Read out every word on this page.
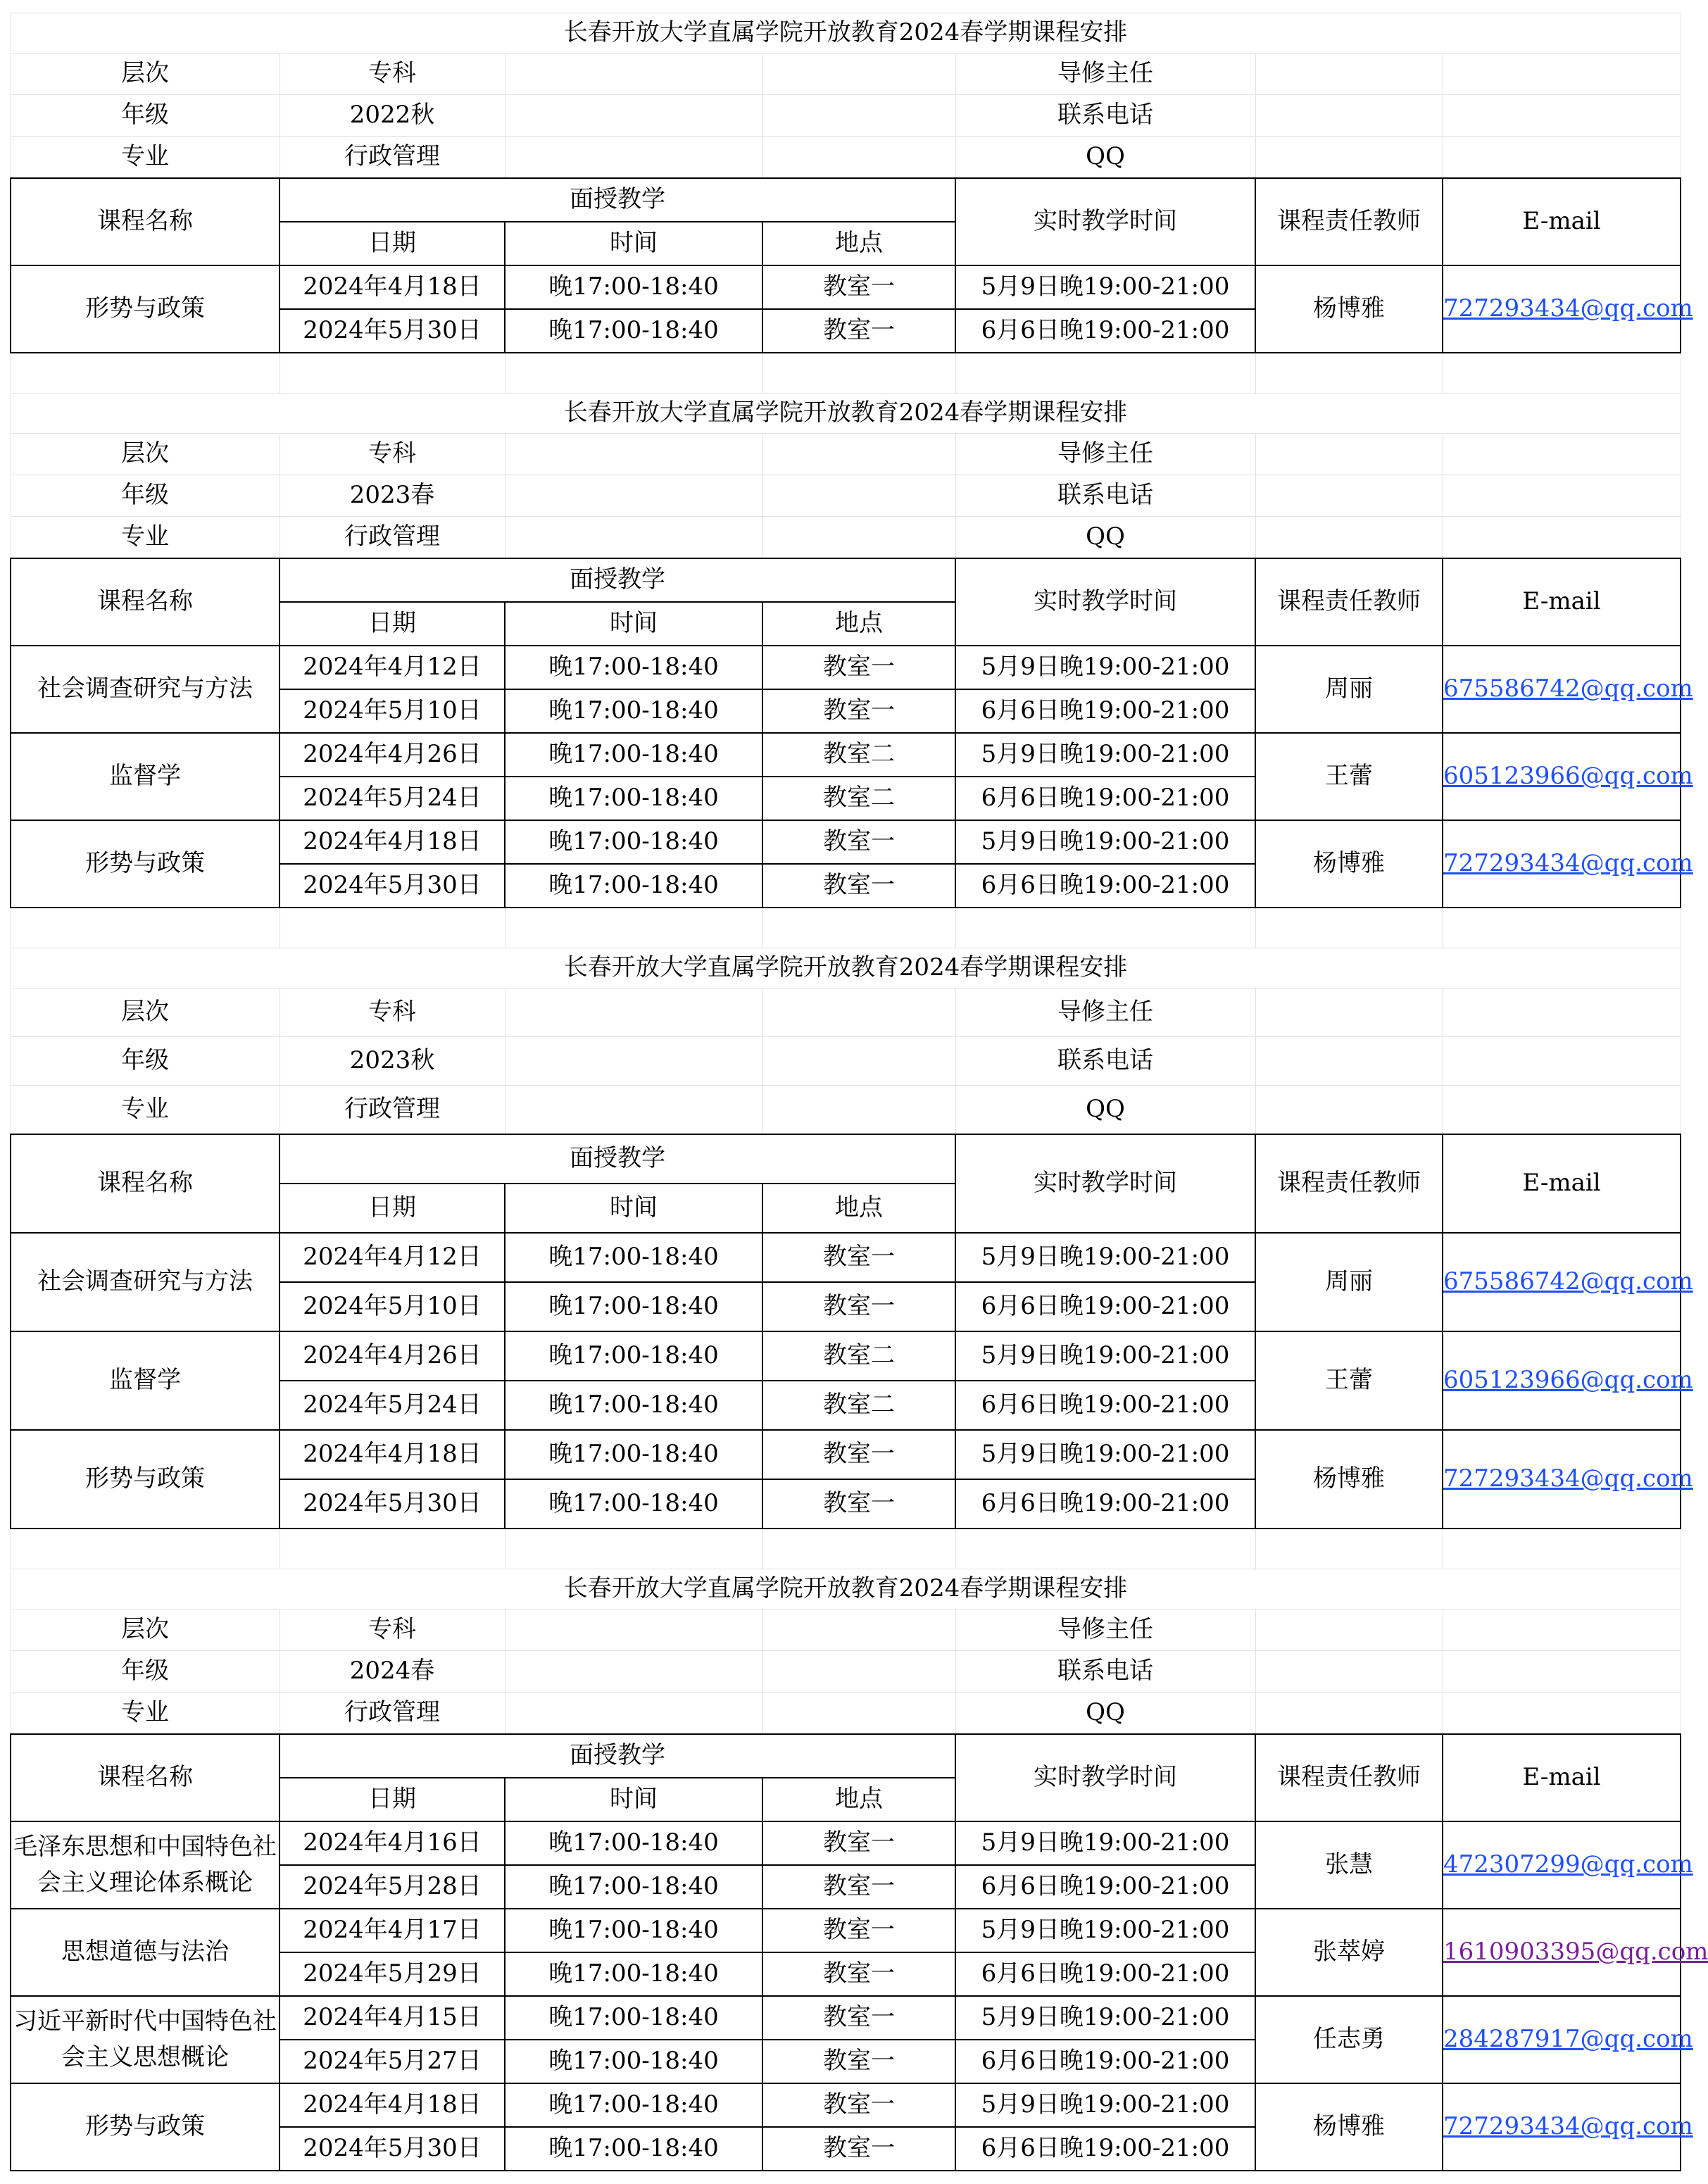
长春开放大学直属学院开放教育2024春学期课程安排						
层次	专科			导修主任		
年级	2022秋			联系电话		
专业	行政管理			QQ		
课程名称	面授教学			实时教学时间	课程责任教师	E-mail
	日期	时间	地点			
形势与政策	2024年4月18日	晚17:00-18:40	教室一	5月9日晚19:00-21:00	杨博雅	727293434@qq.com
	2024年5月30日	晚17:00-18:40	教室一	6月6日晚19:00-21:00		

长春开放大学直属学院开放教育2024春学期课程安排						
层次	专科			导修主任		
年级	2023春			联系电话		
专业	行政管理			QQ		
课程名称	面授教学			实时教学时间	课程责任教师	E-mail
	日期	时间	地点			
社会调查研究与方法	2024年4月12日	晚17:00-18:40	教室一	5月9日晚19:00-21:00	周丽	675586742@qq.com
	2024年5月10日	晚17:00-18:40	教室一	6月6日晚19:00-21:00		
监督学	2024年4月26日	晚17:00-18:40	教室二	5月9日晚19:00-21:00	王蕾	605123966@qq.com
	2024年5月24日	晚17:00-18:40	教室二	6月6日晚19:00-21:00		
形势与政策	2024年4月18日	晚17:00-18:40	教室一	5月9日晚19:00-21:00	杨博雅	727293434@qq.com
	2024年5月30日	晚17:00-18:40	教室一	6月6日晚19:00-21:00		

长春开放大学直属学院开放教育2024春学期课程安排						
层次	专科			导修主任		
年级	2023秋			联系电话		
专业	行政管理			QQ		
课程名称	面授教学			实时教学时间	课程责任教师	E-mail
	日期	时间	地点			
社会调查研究与方法	2024年4月12日	晚17:00-18:40	教室一	5月9日晚19:00-21:00	周丽	675586742@qq.com
	2024年5月10日	晚17:00-18:40	教室一	6月6日晚19:00-21:00		
监督学	2024年4月26日	晚17:00-18:40	教室二	5月9日晚19:00-21:00	王蕾	605123966@qq.com
	2024年5月24日	晚17:00-18:40	教室二	6月6日晚19:00-21:00		
形势与政策	2024年4月18日	晚17:00-18:40	教室一	5月9日晚19:00-21:00	杨博雅	727293434@qq.com
	2024年5月30日	晚17:00-18:40	教室一	6月6日晚19:00-21:00		

长春开放大学直属学院开放教育2024春学期课程安排						
层次	专科			导修主任		
年级	2024春			联系电话		
专业	行政管理			QQ		
课程名称	面授教学			实时教学时间	课程责任教师	E-mail
	日期	时间	地点			
毛泽东思想和中国特色社会主义理论体系概论	2024年4月16日	晚17:00-18:40	教室一	5月9日晚19:00-21:00	张慧	472307299@qq.com
	2024年5月28日	晚17:00-18:40	教室一	6月6日晚19:00-21:00		
思想道德与法治	2024年4月17日	晚17:00-18:40	教室一	5月9日晚19:00-21:00	张萃婷	1610903395@qq.com
	2024年5月29日	晚17:00-18:40	教室一	6月6日晚19:00-21:00		
习近平新时代中国特色社会主义思想概论	2024年4月15日	晚17:00-18:40	教室一	5月9日晚19:00-21:00	任志勇	284287917@qq.com
	2024年5月27日	晚17:00-18:40	教室一	6月6日晚19:00-21:00		
形势与政策	2024年4月18日	晚17:00-18:40	教室一	5月9日晚19:00-21:00	杨博雅	727293434@qq.com
	2024年5月30日	晚17:00-18:40	教室一	6月6日晚19:00-21:00		
